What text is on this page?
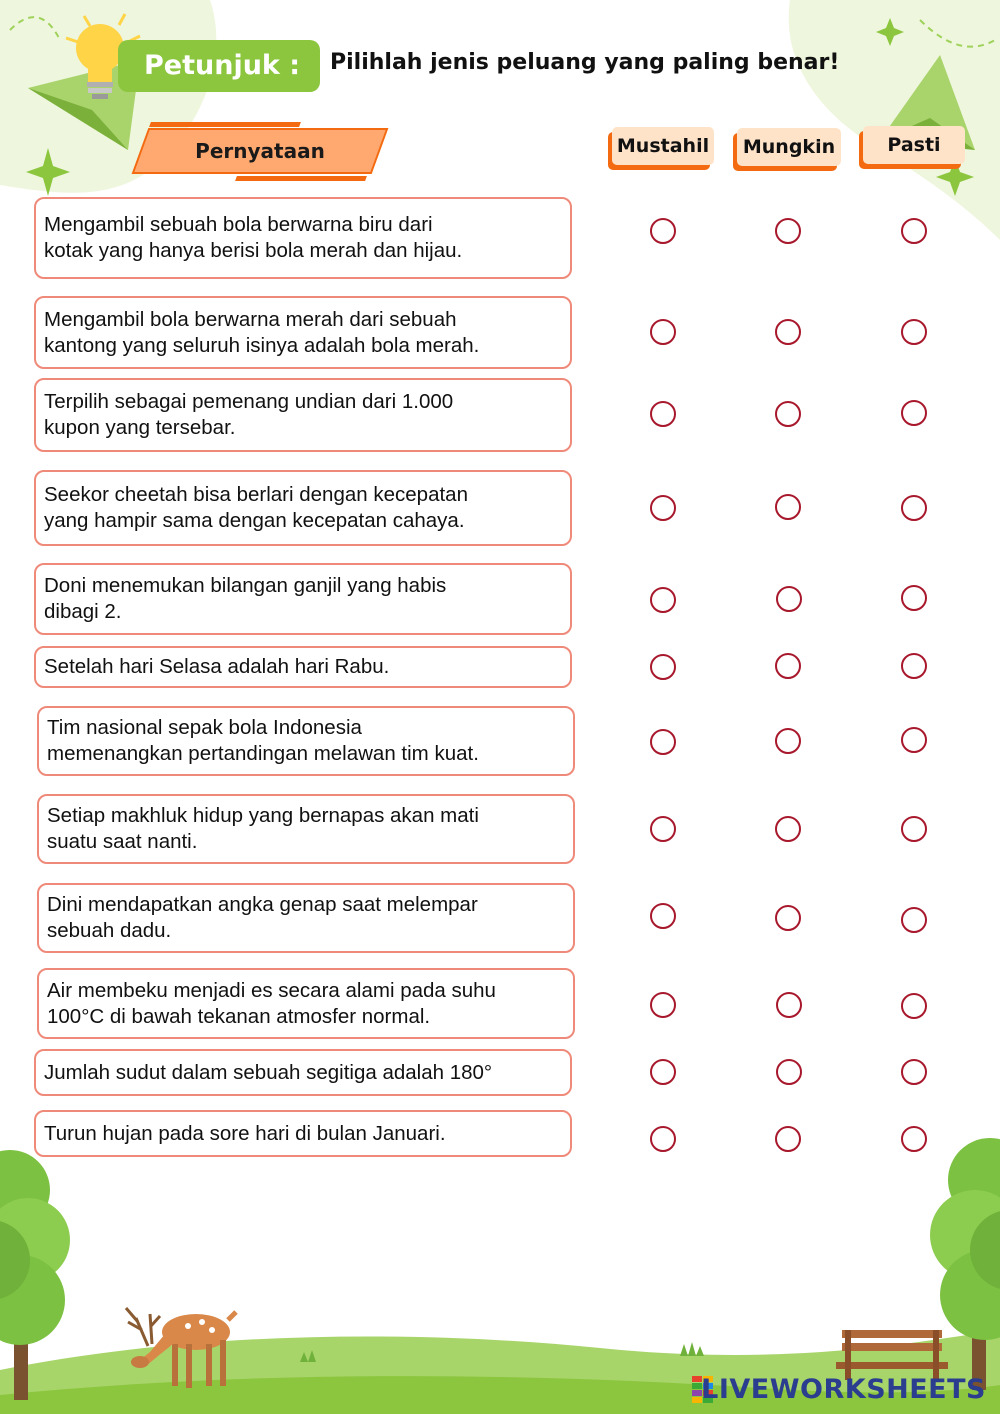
Petunjuk :	Pilihlah jenis peluang yang paling benar!
Pernyataan	Mustahil	Mungkin	Pasti
Mengambil sebuah bola berwarna biru dari
kotak yang hanya berisi bola merah dan hijau.
Mengambil bola berwarna merah dari sebuah
kantong yang seluruh isinya adalah bola merah.
Terpilih sebagai pemenang undian dari 1.000
kupon yang tersebar.
Seekor cheetah bisa berlari dengan kecepatan
yang hampir sama dengan kecepatan cahaya.
Doni menemukan bilangan ganjil yang habis
dibagi 2.
Setelah hari Selasa adalah hari Rabu.
Tim nasional sepak bola Indonesia
memenangkan pertandingan melawan tim kuat.
Setiap makhluk hidup yang bernapas akan mati
suatu saat nanti.
Dini mendapatkan angka genap saat melempar
sebuah dadu.
Air membeku menjadi es secara alami pada suhu
100°C di bawah tekanan atmosfer normal.
Jumlah sudut dalam sebuah segitiga adalah 180°
Turun hujan pada sore hari di bulan Januari.
LIVEWORKSHEETS
